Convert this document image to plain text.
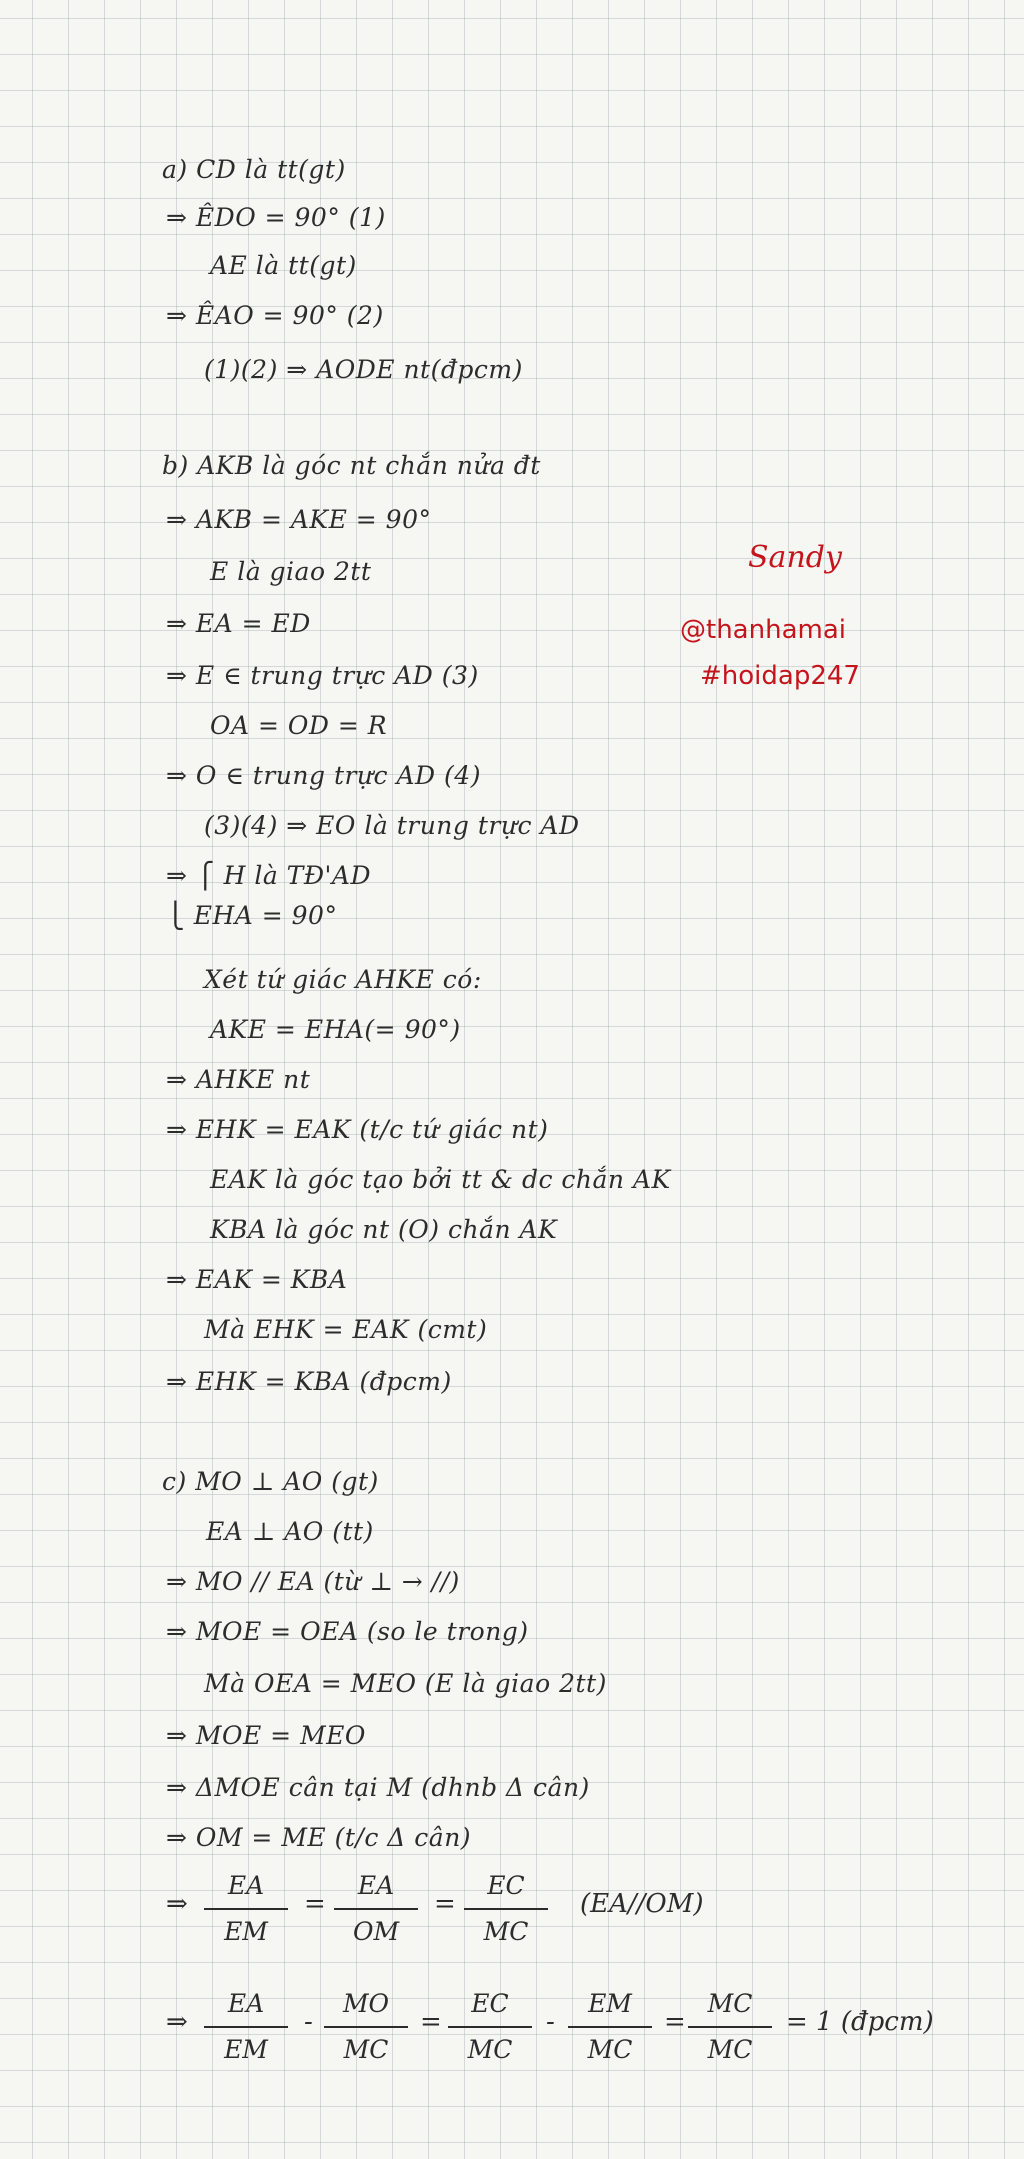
a) CD là tt(gt)
⇒ ÊDO = 90° (1)
AE là tt(gt)
⇒ ÊAO = 90° (2)
(1)(2) ⇒ AODE nt(đpcm)
b) AKB là góc nt chắn nửa đt
⇒ AKB = AKE = 90°
E là giao 2tt
⇒ EA = ED
⇒ E ∈ trung trực AD (3)
OA = OD = R
⇒ O ∈ trung trực AD (4)
(3)(4) ⇒ EO là trung trực AD
⇒ ⎧ H là TĐ'AD
⎩ EHA = 90°
Xét tứ giác AHKE có:
AKE = EHA(= 90°)
⇒ AHKE nt
⇒ EHK = EAK (t/c tứ giác nt)
EAK là góc tạo bởi tt & dc chắn AK
KBA là góc nt (O) chắn AK
⇒ EAK = KBA
Mà EHK = EAK (cmt)
⇒ EHK = KBA (đpcm)
c) MO ⊥ AO (gt)
EA ⊥ AO (tt)
⇒ MO // EA (từ ⊥ → //)
⇒ MOE = OEA (so le trong)
Mà OEA = MEO (E là giao 2tt)
⇒ MOE = MEO
⇒ ΔMOE cân tại M (dhnb Δ cân)
⇒ OM = ME (t/c Δ cân)
⇒
EA
EM
=
EA
OM
=
EC
MC
(EA//OM)
⇒
EA
EM
-
MO
MC
=
EC
MC
-
EM
MC
=
MC
MC
= 1 (đpcm)
Sandy
@thanhamai
#hoidap247
